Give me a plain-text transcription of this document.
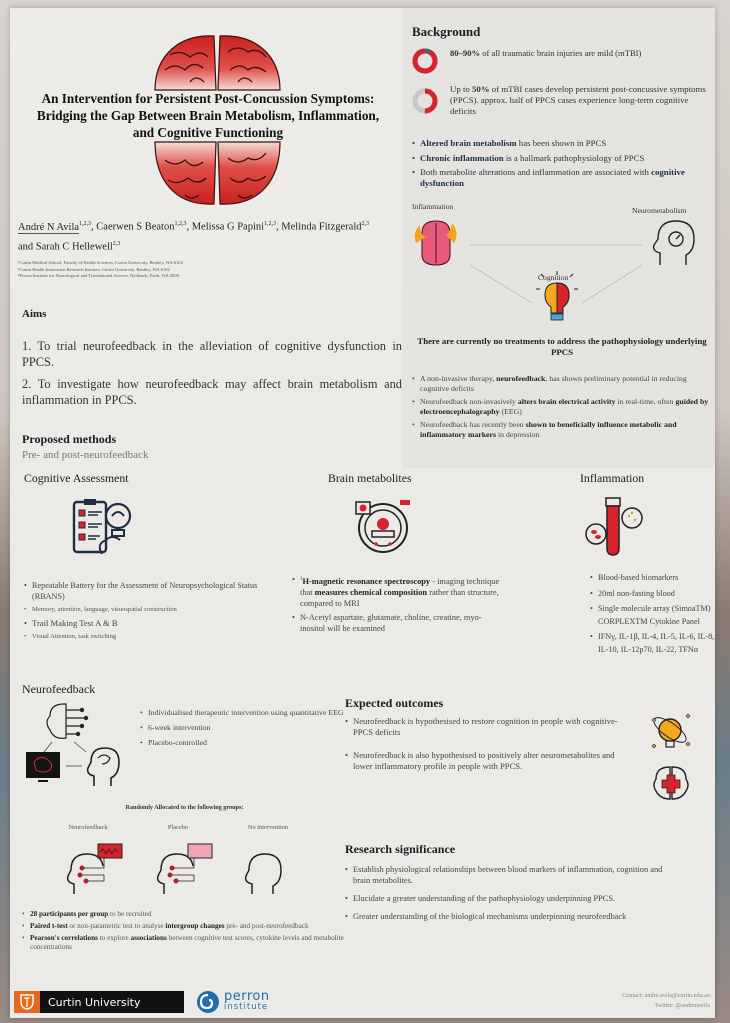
An Intervention for Persistent Post-Concussion Symptoms:
Bridging the Gap Between Brain Metabolism, Inflammation,
and Cognitive Functioning
André N Avila$^{1,2,3}$, Caerwen S Beaton$^{1,2,3}$, Melissa G Papini$^{1,2,3}$, Melinda Fitzgerald$^{2,3}$
and Sarah C Hellewell$^{2,3}$
¹Curtin Medical School, Faculty of Health Sciences, Curtin University, Bentley, WA 6102
²Curtin Health Innovation Research Institute, Curtin University, Bentley, WA 6102
³Perron Institute for Neurological and Translational Science, Nedlands, Perth, WA 6009
Background
80–90% of all traumatic brain injuries are mild (mTBI)
Up to 50% of mTBI cases develop persistent post-concussive symptoms (PPCS). approx. half of PPCS cases experience long-term cognitive deficits
• Altered brain metabolism has been shown in PPCS
• Chronic inflammation is a hallmark pathophysiology of PPCS
• Both metabolite alterations and inflammation are associated with cognitive dysfunction
Inflammation	Neurometabolism
Cognition
There are currently no treatments to address the pathophysiology underlying PPCS
• A non-invasive therapy, neurofeedback, has shown preliminary potential in reducing cognitive deficits
• Neurofeedback non-invasively alters brain electrical activity in real-time, often guided by electroencephalography (EEG)
• Neurofeedback has recently been shown to beneficially influence metabolic and inflammatory markers in depression
Aims
1. To trial neurofeedback in the alleviation of cognitive dysfunction in PPCS.
2. To investigate how neurofeedback may affect brain metabolism and inflammation in PPCS.
Proposed methods
Pre- and post-neurofeedback
Cognitive Assessment
• Repeatable Battery for the Assessment of Neuropsychological Status (RBANS)
• Memory, attention, language, visuospatial construction
• Trail Making Test A & B
• Visual Attention, task switching
Brain metabolites
• $^1$H-magnetic resonance spectroscopy - imaging technique that measures chemical composition rather than structure, compared to MRI
• N-Acetyl aspartate, glutamate, choline, creatine, myo-inositol will be examined
Inflammation
• Blood-based biomarkers
• 20ml non-fasting blood
• Single molecule array (SimoaTM) CORPLEXTM Cytokine Panel
• IFNγ, IL-1β, IL-4, IL-5, IL-6, IL-8, IL-10, IL-12p70, IL-22, TFNα
Neurofeedback
• Individualised therapeutic intervention using quantitative EEG
• 6-week intervention
• Placebo-controlled
Randomly Allocated to the following groups:
Neurofeedback	Placebo	No intervention
• 28 participants per group to be recruited
• Paired t-test or non-parametric test to analyse intergroup changes pre- and post-neurofeedback
• Pearson's correlations to explore associations between cognitive test scores, cytokine levels and metabolite concentrations
Expected outcomes
• Neurofeedback is hypothesised to restore cognition in people with cognitive-PPCS deficits
• Neurofeedback is also hypothesised to positively alter neurometabolites and lower inflammatory profile in people with PPCS.
Research significance
• Establish physiological relationships between blood markers of inflammation, cognition and brain metabolites.
• Elucidate a greater understanding of the pathophysiology underpinning PPCS.
• Greater understanding of the biological mechanisms underpinning neurofeedback
Curtin University	perron
institute
Contact: andre.avila@curtin.edu.au
Twitter: @andrenavila
